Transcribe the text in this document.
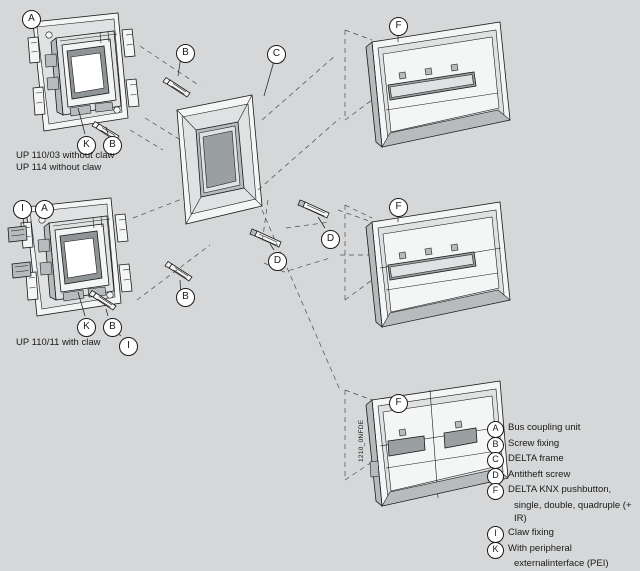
A
B	C
F
K	B
I	A	F
D
D
B
K	B
I
F
UP 110/03 without claw
UP 114 without claw
UP 110/11 with claw
1210_0NFDE	A	Bus coupling unit
B	Screw fixing
C DELTA frame
D Antitheft screw
F	DELTA KNX pushbutton,
single, double, quadruple (+ IR)
I	Claw fixing
K	With peripheral
externalinterface (PEI)
